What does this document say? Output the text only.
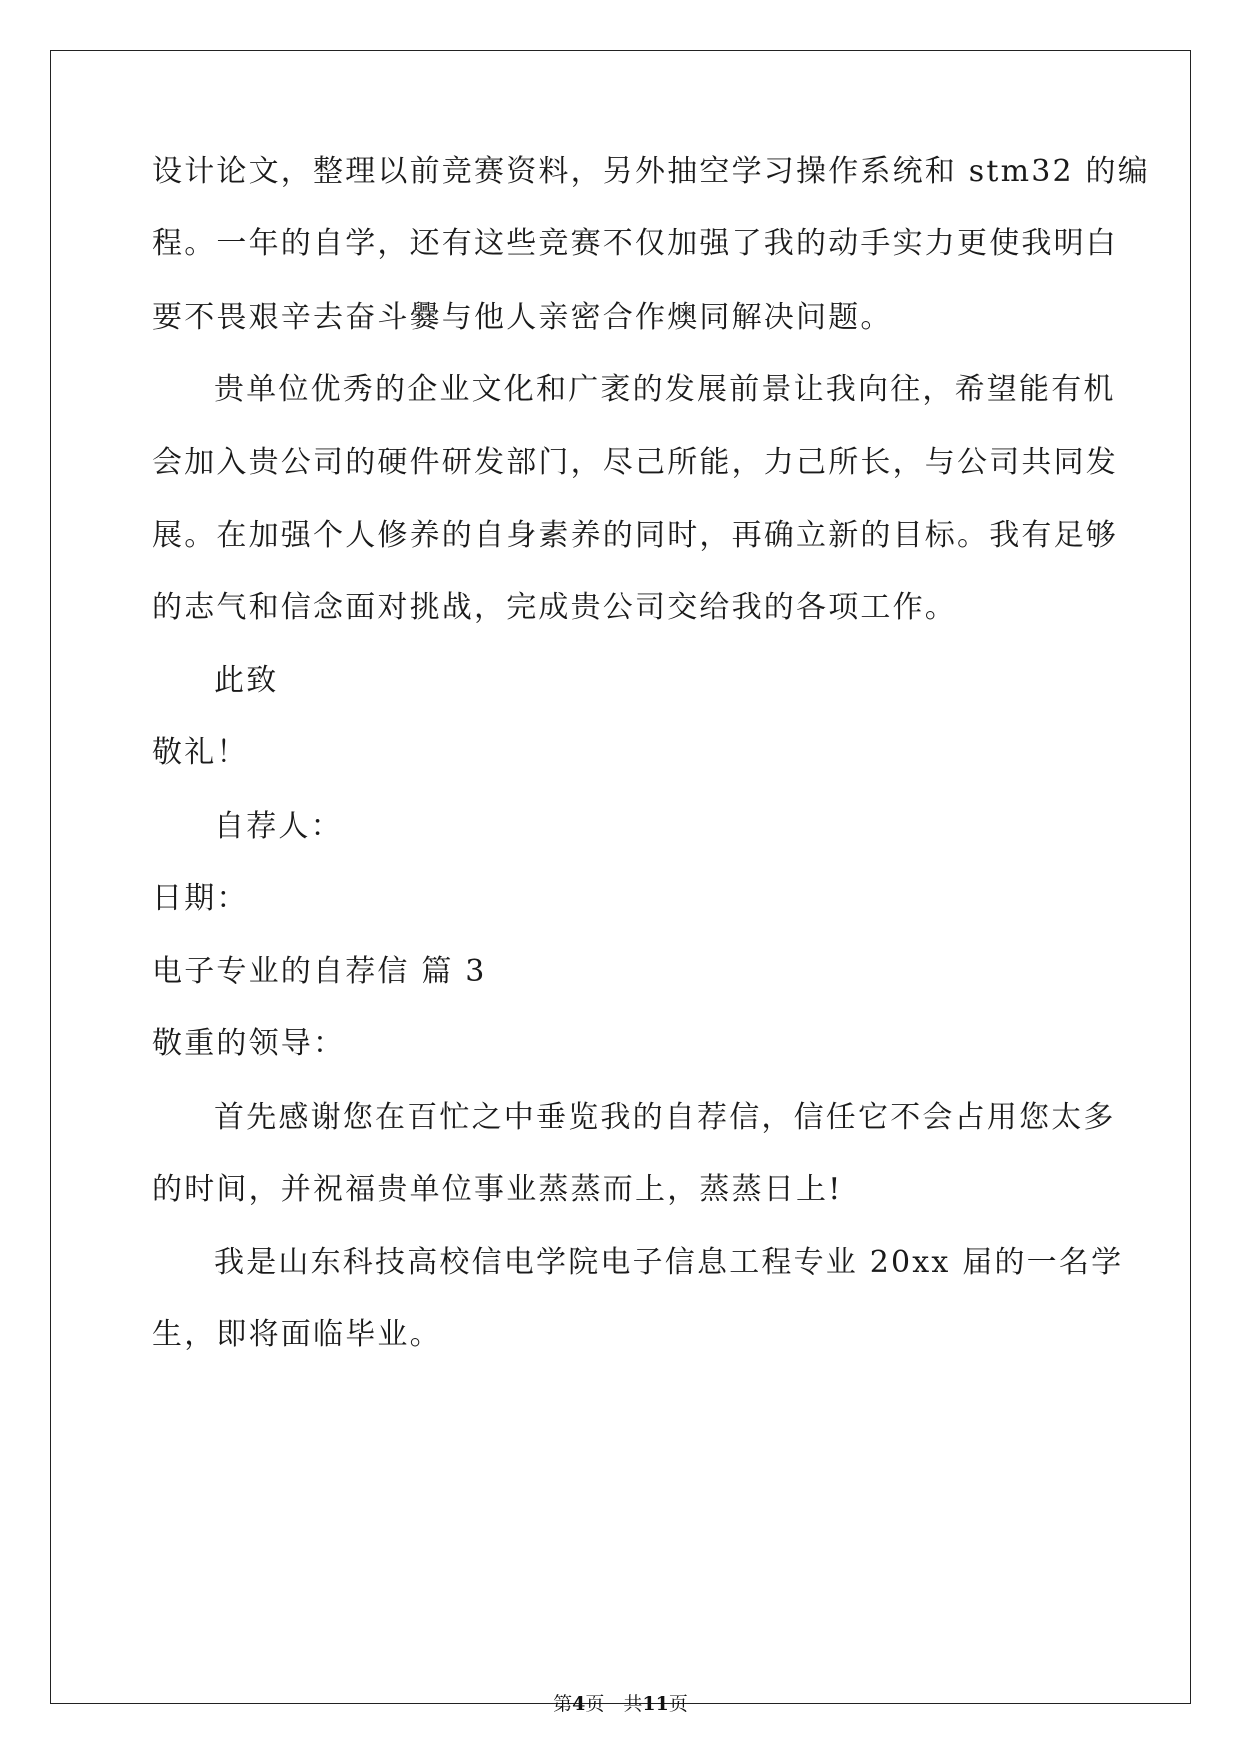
设计论文，整理以前竞赛资料，另外抽空学习操作系统和 stm32 的编
程。一年的自学，还有这些竞赛不仅加强了我的动手实力更使我明白
要不畏艰辛去奋斗爨与他人亲密合作燠同解决问题。
贵单位优秀的企业文化和广袤的发展前景让我向往，希望能有机
会加入贵公司的硬件研发部门，尽己所能，力己所长，与公司共同发
展。在加强个人修养的自身素养的同时，再确立新的目标。我有足够
的志气和信念面对挑战，完成贵公司交给我的各项工作。
此致
敬礼！
自荐人：
日期：
电子专业的自荐信 篇 3
敬重的领导：
首先感谢您在百忙之中垂览我的自荐信，信任它不会占用您太多
的时间，并祝福贵单位事业蒸蒸而上，蒸蒸日上!
我是山东科技高校信电学院电子信息工程专业 20xx 届的一名学
生，即将面临毕业。
第4页　共11页
